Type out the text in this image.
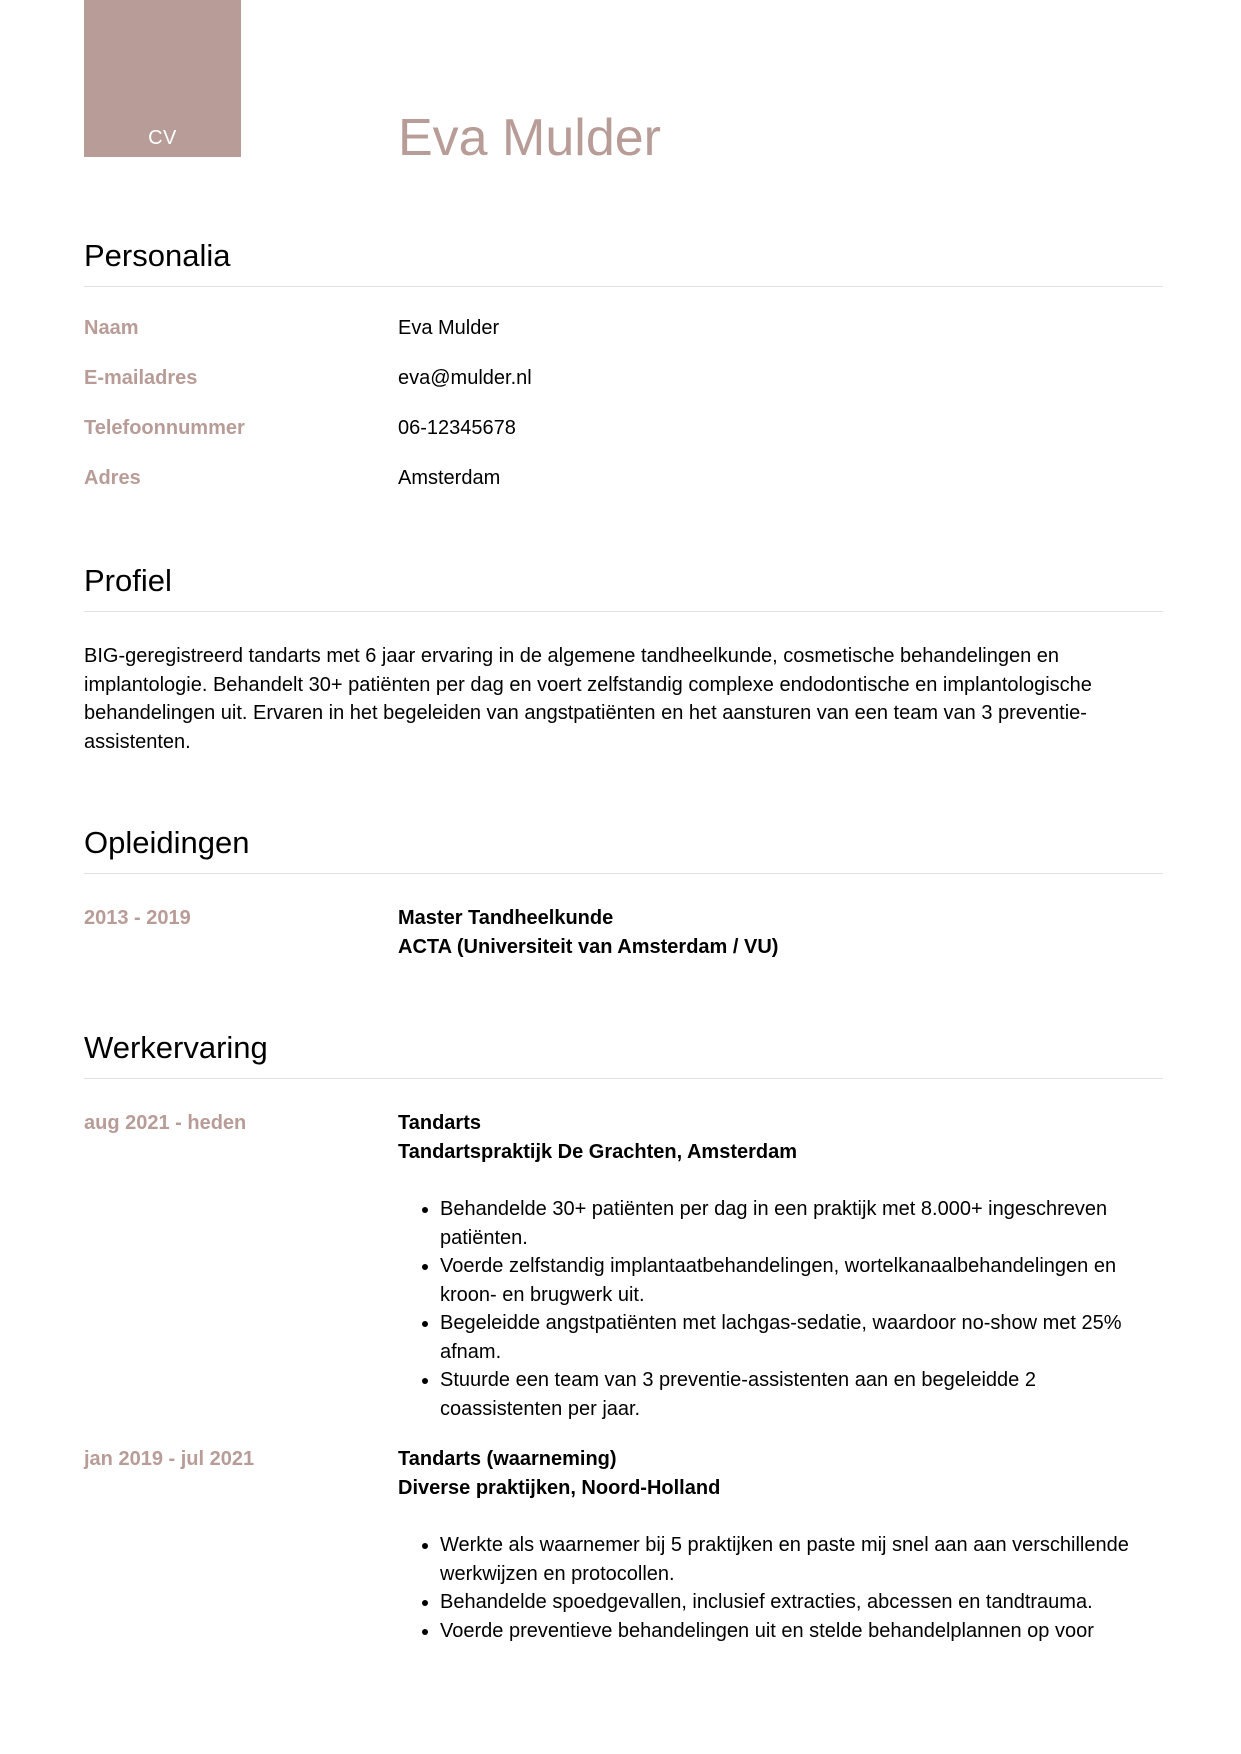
CV	Eva Mulder
Personalia
Naam	Eva Mulder
E-mailadres	eva@mulder.nl
Telefoonnummer	06-12345678
Adres	Amsterdam
Profiel

BIG-geregistreerd tandarts met 6 jaar ervaring in de algemene tandheelkunde, cosmetische behandelingen en implantologie. Behandelt 30+ patiënten per dag en voert zelfstandig complexe endodontische en implantologische behandelingen uit. Ervaren in het begeleiden van angstpatiënten en het aansturen van een team van 3 preventie-assistenten.

Opleidingen
2013 - 2019	Master Tandheelkunde
ACTA (Universiteit van Amsterdam / VU)
Werkervaring
aug 2021 - heden	Tandarts
Tandartspraktijk De Grachten, Amsterdam
• Behandelde 30+ patiënten per dag in een praktijk met 8.000+ ingeschreven patiënten.
• Voerde zelfstandig implantaatbehandelingen, wortelkanaalbehandelingen en kroon- en brugwerk uit.
• Begeleidde angstpatiënten met lachgas-sedatie, waardoor no-show met 25% afnam.
• Stuurde een team van 3 preventie-assistenten aan en begeleidde 2 coassistenten per jaar.
jan 2019 - jul 2021	Tandarts (waarneming)
Diverse praktijken, Noord-Holland
• Werkte als waarnemer bij 5 praktijken en paste mij snel aan aan verschillende werkwijzen en protocollen.
• Behandelde spoedgevallen, inclusief extracties, abcessen en tandtrauma.
• Voerde preventieve behandelingen uit en stelde behandelplannen op voor
